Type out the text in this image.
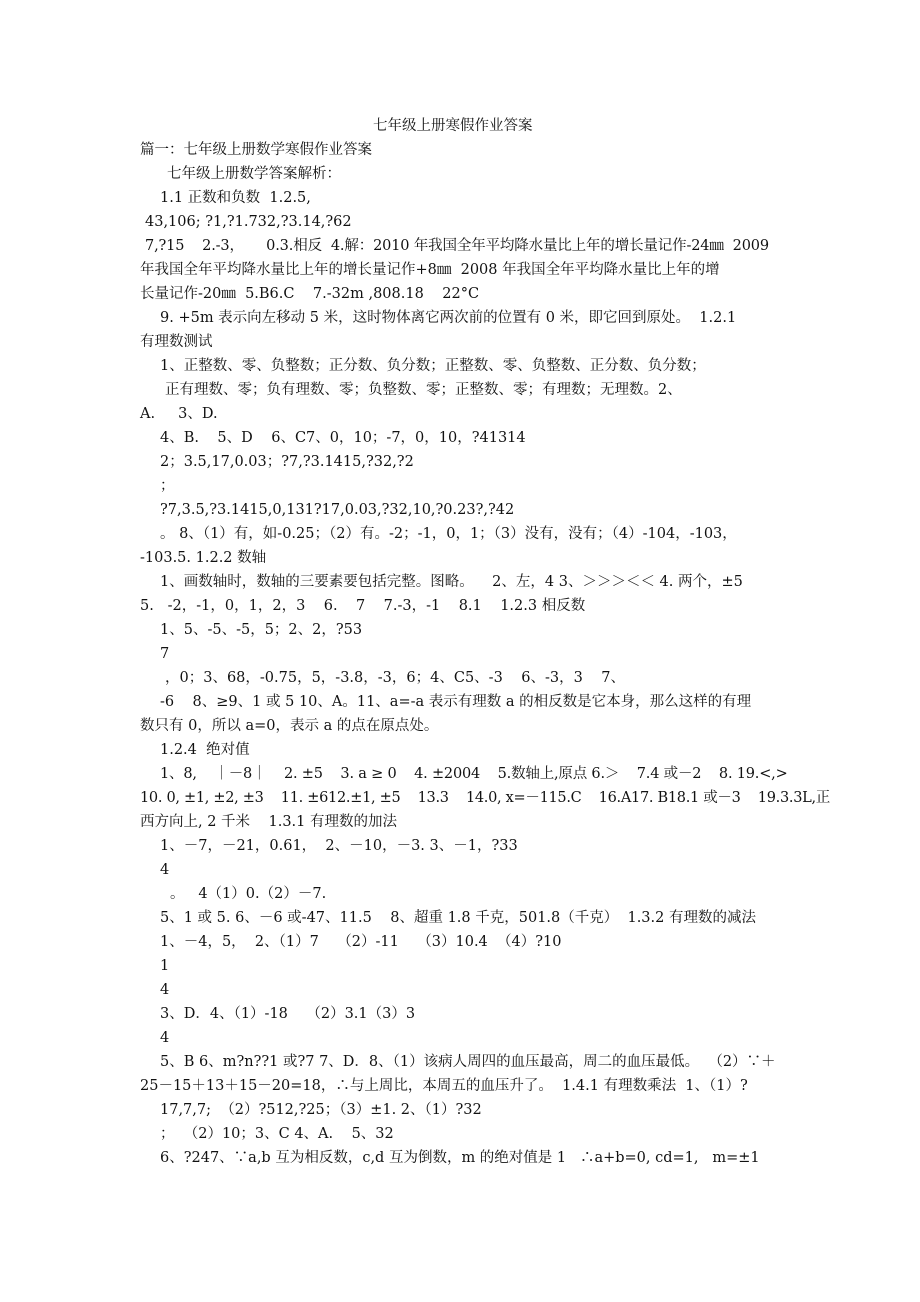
七年级上册寒假作业答案
篇一：七年级上册数学寒假作业答案
七年级上册数学答案解析：
1.1 正数和负数  1.2.5,
43,106; ?1,?1.732,?3.14,?62
7,?15    2.-3，     0.3.相反  4.解：2010 年我国全年平均降水量比上年的增长量记作-24㎜  2009
年我国全年平均降水量比上年的增长量记作+8㎜  2008 年我国全年平均降水量比上年的增
长量记作-20㎜  5.B6.C    7.-32m ,808.18    22°C
9. +5m 表示向左移动 5 米，这时物体离它两次前的位置有 0 米，即它回到原处。  1.2.1
有理数测试
1、正整数、零、负整数；正分数、负分数；正整数、零、负整数、正分数、负分数；
正有理数、零；负有理数、零；负整数、零；正整数、零；有理数；无理数。2、
A.     3、D.
4、B.    5、D    6、C7、0，10；-7，0，10，?41314
2；3.5,17,0.03；?7,?3.1415,?32,?2
；
?7,3.5,?3.1415,0,131?17,0.03,?32,10,?0.23?,?42
。 8、（1）有，如-0.25；（2）有。-2；-1，0，1；（3）没有，没有；（4）-104，-103，
-103.5. 1.2.2 数轴
1、画数轴时，数轴的三要素要包括完整。图略。    2、左，4 3、＞＞＞＜＜ 4. 两个，±5
5.   -2，-1，0，1，2，3    6.    7    7.-3，-1    8.1    1.2.3 相反数
1、5、-5、-5，5；2、2，?53
7
，0；3、68，-0.75，5，-3.8，-3，6；4、C5、-3    6、-3，3    7、
-6    8、≥9、1 或 5 10、A。11、a=-a 表示有理数 a 的相反数是它本身，那么这样的有理
数只有 0，所以 a=0，表示 a 的点在原点处。
1.2.4  绝对值
1、8,    ｜－8｜    2. ±5    3. a ≥ 0    4. ±2004    5.数轴上,原点 6.＞    7.4 或－2    8. 19.<,>
10. 0, ±1, ±2, ±3    11. ±612.±1, ±5    13.3    14.0, x=－115.C    16.A17. B18.1 或－3    19.3.3L,正
西方向上, 2 千米    1.3.1 有理数的加法
1、－7，－21，0.61，  2、－10，－3. 3、－1，?33
4
。   4（1）0.（2）－7.
5、1 或 5. 6、－6 或-47、11.5    8、超重 1.8 千克，501.8（千克）  1.3.2 有理数的减法
1、－4，5，  2、（1）7    （2）-11    （3）10.4  （4）?10
1
4
3、D．4、（1）-18    （2）3.1（3）3
4
5、B 6、m?n??1 或?7 7、D．8、（1）该病人周四的血压最高，周二的血压最低。  （2）∵＋
25－15＋13＋15－20=18，∴与上周比，本周五的血压升了。  1.4.1 有理数乘法  1、（1）?
17,7,7;  （2）?512,?25；（3）±1. 2、（1）?32
；  （2）10；3、C 4、A.    5、32
6、?247、∵a,b 互为相反数，c,d 互为倒数，m 的绝对值是 1   ∴a+b=0, cd=1,   m=±1
